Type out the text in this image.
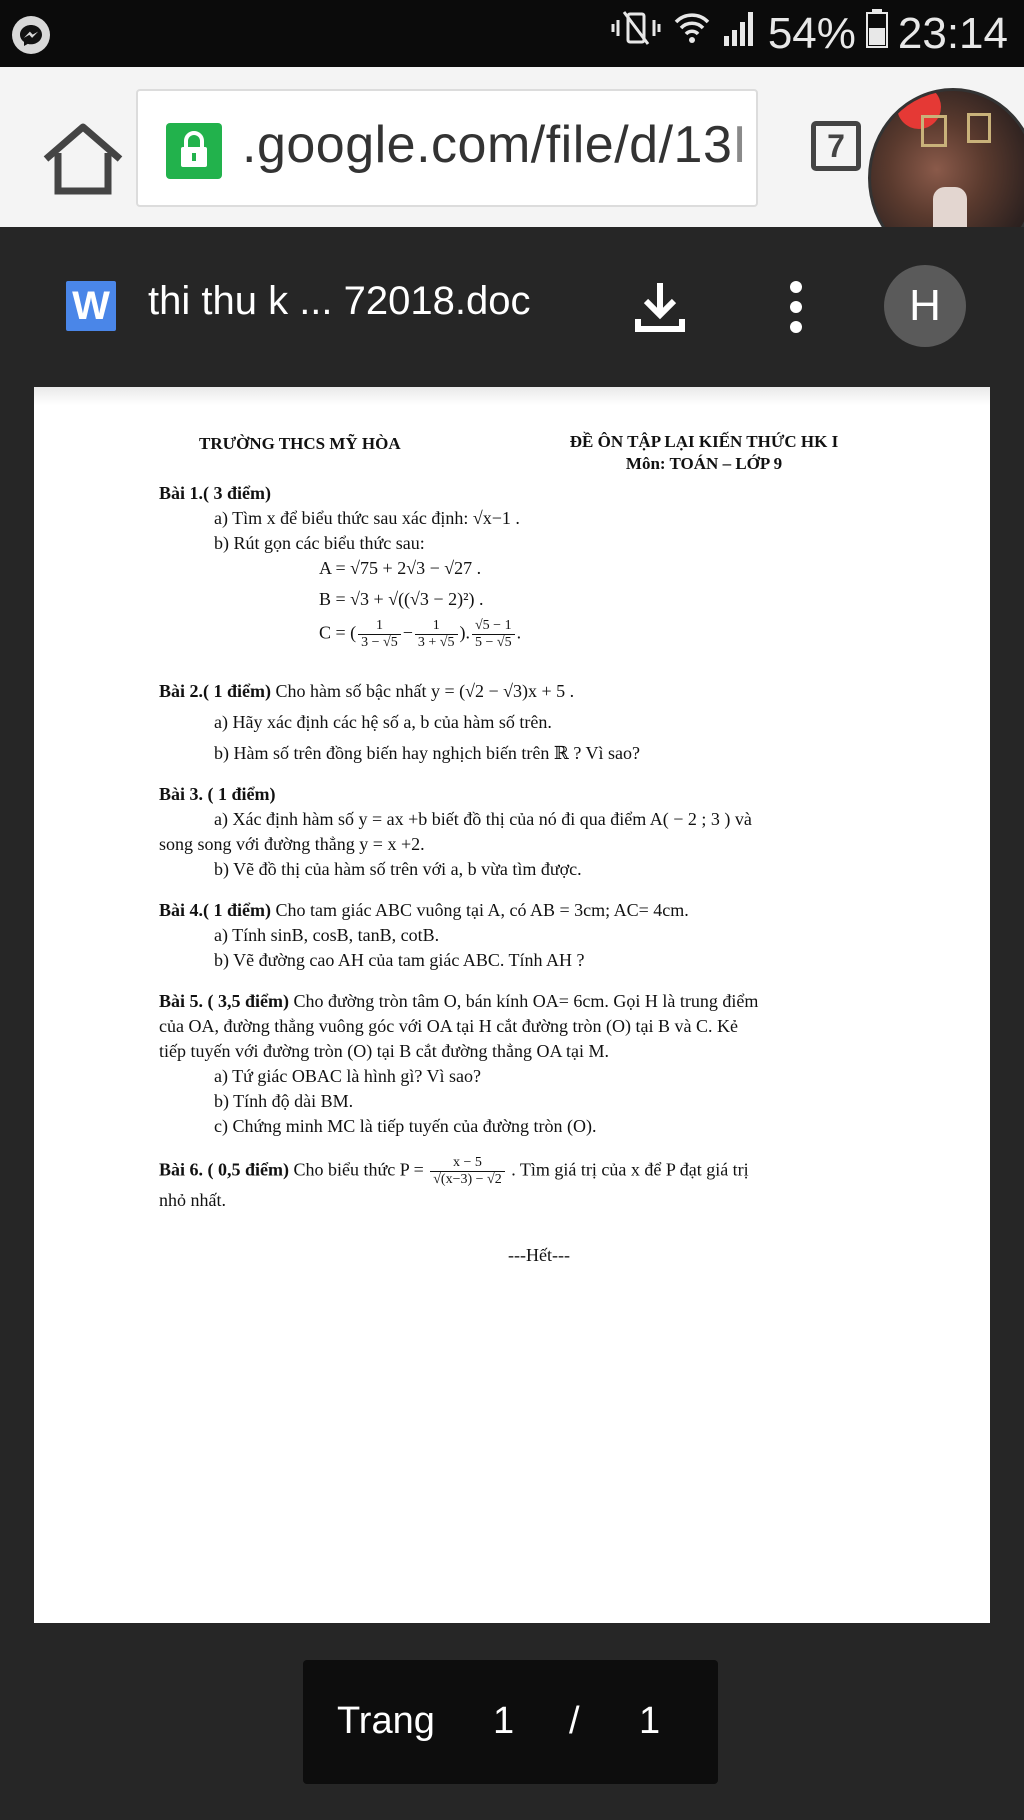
54% 23:14
.google.com/file/d/13I	7
W thi thu k ... 72018.doc	H
TRƯỜNG THCS MỸ HÒA	ĐỀ ÔN TẬP LẠI KIẾN THỨC HK I
Môn: TOÁN – LỚP 9
Bài 1.( 3 điểm)
a) Tìm x để biểu thức sau xác định: √x−1 .
b) Rút gọn các biểu thức sau:
A = √75 + 2√3 − √27 .
B = √3 + √((√3 − 2)²) .
C = ( $\frac{1}{3 - √5} - \frac{1}{3 + √5}$ ). $\frac{√5 - 1}{5 - √5}$ .
Bài 2.( 1 điểm) Cho hàm số bậc nhất y = (√2 − √3)x + 5 .
a) Hãy xác định các hệ số a, b của hàm số trên.
b) Hàm số trên đồng biến hay nghịch biến trên ℝ ? Vì sao?
Bài 3. ( 1 điểm)
a) Xác định hàm số y = ax +b biết đồ thị của nó đi qua điểm A( − 2 ; 3 ) và
song song với đường thẳng y = x +2.
b) Vẽ đồ thị của hàm số trên với a, b vừa tìm được.
Bài 4.( 1 điểm) Cho tam giác ABC vuông tại A, có AB = 3cm; AC= 4cm.
a) Tính sinB, cosB, tanB, cotB.
b) Vẽ đường cao AH của tam giác ABC. Tính AH ?
Bài 5. ( 3,5 điểm) Cho đường tròn tâm O, bán kính OA= 6cm. Gọi H là trung điểm
của OA, đường thẳng vuông góc với OA tại H cắt đường tròn (O) tại B và C. Kẻ
tiếp tuyến với đường tròn (O) tại B cắt đường thẳng OA tại M.
a) Tứ giác OBAC là hình gì? Vì sao?
b) Tính độ dài BM.
c) Chứng minh MC là tiếp tuyến của đường tròn (O).
Bài 6. ( 0,5 điểm) Cho biểu thức $P = \frac{x - 5}{√(x-3) - √2}$ . Tìm giá trị của x để P đạt giá trị
nhỏ nhất.
---Hết---
Trang 1 / 1
